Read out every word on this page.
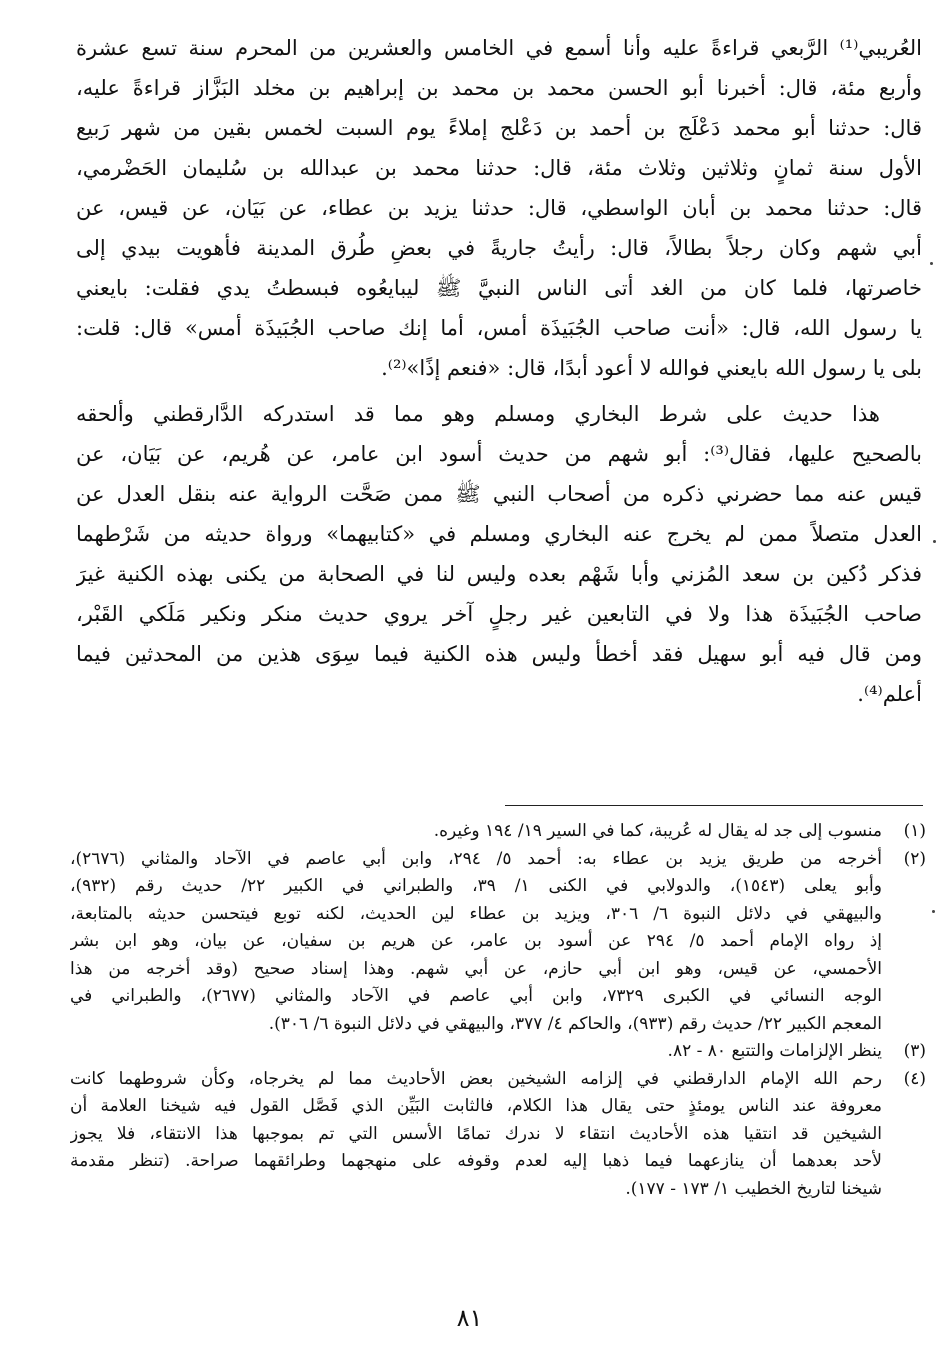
العُريبي⁽¹⁾ الرَّبعي قراءةً عليه وأنا أسمع في الخامس والعشرين من المحرم سنة تسع عشرة
وأربع مئة، قال: أخبرنا أبو الحسن محمد بن محمد بن إبراهيم بن مخلد البَزَّاز قراءةً عليه،
قال: حدثنا أبو محمد دَعْلَج بن أحمد بن دَعْلج إملاءً يوم السبت لخمس بقين من شهر رَبيع
الأول سنة ثمانٍ وثلاثين وثلاث مئة، قال: حدثنا محمد بن عبدالله بن سُليمان الحَضْرمي،
قال: حدثنا محمد بن أبان الواسطي، قال: حدثنا يزيد بن عطاء، عن بَيَان، عن قيس، عن
أبي شهم وكان رجلاً بطالاً، قال: رأيتُ جاريةً في بعضِ طُرق المدينة فأهويت بيدي إلى
خاصرتها، فلما كان من الغد أتى الناس النبيَّ ﷺ ليبايعُوه فبسطتُ يدي فقلت: بايعني
يا رسول الله، قال: «أنت صاحب الجُبَيذَة أمس، أما إنك صاحب الجُبَيذَة أمس» قال: قلت:
بلى يا رسول الله بايعني فوالله لا أعود أبدًا، قال: «فنعم إذًا»⁽²⁾.
هذا حديث على شرط البخاري ومسلم وهو مما قد استدركه الدَّارقطني وألحقه
بالصحيح عليها، فقال⁽³⁾: أبو شهم من حديث أسود ابن عامر، عن هُريم، عن بَيَان، عن
قيس عنه مما حضرني ذكره من أصحاب النبي ﷺ ممن صَحَّت الرواية عنه بنقل العدل عن
العدل متصلاً ممن لم يخرج عنه البخاري ومسلم في «كتابيهما» ورواة حديثه من شَرْطهما
فذكر دُكين بن سعد المُزني وأبا شَهْم بعده وليس لنا في الصحابة من يكنى بهذه الكنية غيرَ
صاحب الجُبَيذَة هذا ولا في التابعين غير رجلٍ آخر يروي حديث منكر ونكير مَلَكي القَبْر،
ومن قال فيه أبو سهيل فقد أخطأ وليس هذه الكنية فيما سِوَى هذين من المحدثين فيما
أعلم⁽⁴⁾.
(١)
منسوب إلى جد له يقال له عُريبة، كما في السير ١٩/ ١٩٤ وغيره.
(٢)
أخرجه من طريق يزيد بن عطاء به: أحمد ٥/ ٢٩٤، وابن أبي عاصم في الآحاد والمثاني (٢٦٧٦)،
وأبو يعلى (١٥٤٣)، والدولابي في الكنى ١/ ٣٩، والطبراني في الكبير ٢٢/ حديث رقم (٩٣٢)،
والبيهقي في دلائل النبوة ٦/ ٣٠٦، ويزيد بن عطاء لين الحديث، لكنه توبع فيتحسن حديثه بالمتابعة،
إذ رواه الإمام أحمد ٥/ ٢٩٤ عن أسود بن عامر، عن هريم بن سفيان، عن بيان، وهو ابن بشر
الأحمسي، عن قيس، وهو ابن أبي حازم، عن أبي شهم. وهذا إسناد صحيح (وقد أخرجه من هذا
الوجه النسائي في الكبرى ٧٣٢٩، وابن أبي عاصم في الآحاد والمثاني (٢٦٧٧)، والطبراني في
المعجم الكبير ٢٢/ حديث رقم (٩٣٣)، والحاكم ٤/ ٣٧٧، والبيهقي في دلائل النبوة ٦/ ٣٠٦).
(٣)
ينظر الإلزامات والتتبع ٨٠ - ٨٢.
(٤)
رحم الله الإمام الدارقطني في إلزامه الشيخين بعض الأحاديث مما لم يخرجاه، وكأن شروطهما كانت
معروفة عند الناس يومئذٍ حتى يقال هذا الكلام، فالثابت البَيِّن الذي فَصَّل القول فيه شيخنا العلامة أن
الشيخين قد انتقيا هذه الأحاديث انتقاء لا ندرك تمامًا الأسس التي تم بموجبها هذا الانتقاء، فلا يجوز
لأحد بعدهما أن ينازعهما فيما ذهبا إليه لعدم وقوفه على منهجهما وطرائقهما صراحة. (تنظر مقدمة
شيخنا لتاريخ الخطيب ١/ ١٧٣ - ١٧٧).
٨١
